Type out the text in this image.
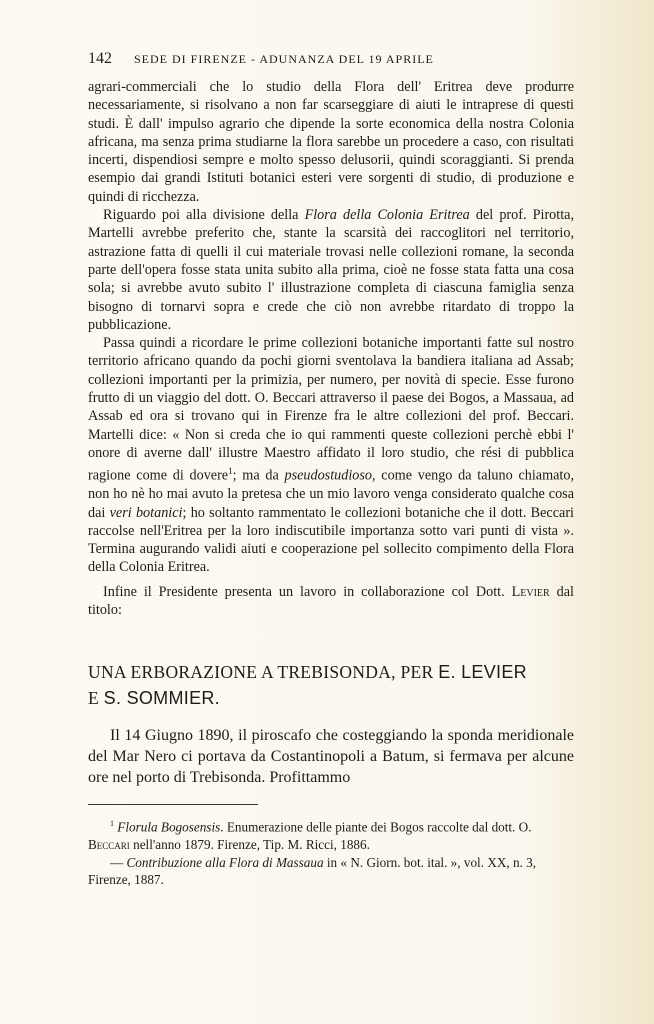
142 SEDE DI FIRENZE - ADUNANZA DEL 19 APRILE

agrari-commerciali che lo studio della Flora dell' Eritrea deve produrre necessariamente, si risolvano a non far scarseggiare di aiuti le intraprese di questi studi. È dall' impulso agrario che dipende la sorte economica della nostra Colonia africana, ma senza prima studiarne la flora sarebbe un procedere a caso, con risultati incerti, dispendiosi sempre e molto spesso delusorii, quindi scoraggianti. Si prenda esempio dai grandi Istituti botanici esteri vere sorgenti di studio, di produzione e quindi di ricchezza.

Riguardo poi alla divisione della Flora della Colonia Eritrea del prof. Pirotta, Martelli avrebbe preferito che, stante la scarsità dei raccoglitori nel territorio, astrazione fatta di quelli il cui materiale trovasi nelle collezioni romane, la seconda parte dell'opera fosse stata unita subito alla prima, cioè ne fosse stata fatta una cosa sola; si avrebbe avuto subito l' illustrazione completa di ciascuna famiglia senza bisogno di tornarvi sopra e crede che ciò non avrebbe ritardato di troppo la pubblicazione.

Passa quindi a ricordare le prime collezioni botaniche importanti fatte sul nostro territorio africano quando da pochi giorni sventolava la bandiera italiana ad Assab; collezioni importanti per la primizia, per numero, per novità di specie. Esse furono frutto di un viaggio del dott. O. Beccari attraverso il paese dei Bogos, a Massaua, ad Assab ed ora si trovano qui in Firenze fra le altre collezioni del prof. Beccari. Martelli dice: « Non si creda che io qui rammenti queste collezioni perchè ebbi l' onore di averne dall' illustre Maestro affidato il loro studio, che rési di pubblica ragione come di dovere$^1$; ma da pseudostudioso, come vengo da taluno chiamato, non ho nè ho mai avuto la pretesa che un mio lavoro venga considerato qualche cosa dai veri botanici; ho soltanto rammentato le collezioni botaniche che il dott. Beccari raccolse nell'Eritrea per la loro indiscutibile importanza sotto vari punti di vista ». Termina augurando validi aiuti e cooperazione pel sollecito compimento della Flora della Colonia Eritrea.

Infine il Presidente presenta un lavoro in collaborazione col Dott. Levier dal titolo:

UNA ERBORAZIONE A TREBISONDA, PER E. LEVIER
E S. SOMMIER.

Il 14 Giugno 1890, il piroscafo che costeggiando la sponda meridionale del Mar Nero ci portava da Costantinopoli a Batum, si fermava per alcune ore nel porto di Trebisonda. Profittammo

$^1$ Florula Bogosensis. Enumerazione delle piante dei Bogos raccolte dal dott. O. Beccari nell'anno 1879. Firenze, Tip. M. Ricci, 1886.

— Contribuzione alla Flora di Massaua in « N. Giorn. bot. ital. », vol. XX, n. 3, Firenze, 1887.
